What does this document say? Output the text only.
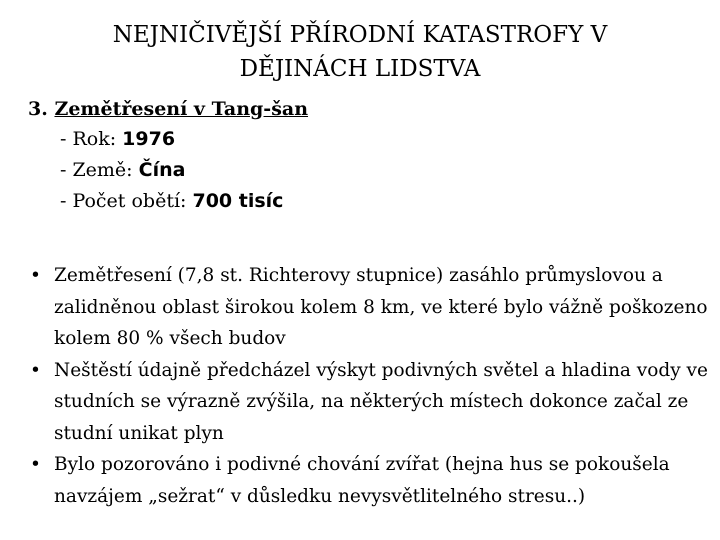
NEJNIČIVĚJŠÍ PŘÍRODNÍ KATASTROFY V DĚJINÁCH LIDSTVA
3. Zemětřesení v Tang-šan
- Rok: 1976
- Země: Čína
- Počet obětí: 700 tisíc
• Zemětřesení (7,8 st. Richterovy stupnice) zasáhlo průmyslovou a zalidněnou oblast širokou kolem 8 km, ve které bylo vážně poškozeno kolem 80 % všech budov
• Neštěstí údajně předcházel výskyt podivných světel a hladina vody ve studních se výrazně zvýšila, na některých místech dokonce začal ze studní unikat plyn
• Bylo pozorováno i podivné chování zvířat (hejna hus se pokoušela navzájem „sežrat“ v důsledku nevysvětlitelného stresu..)
